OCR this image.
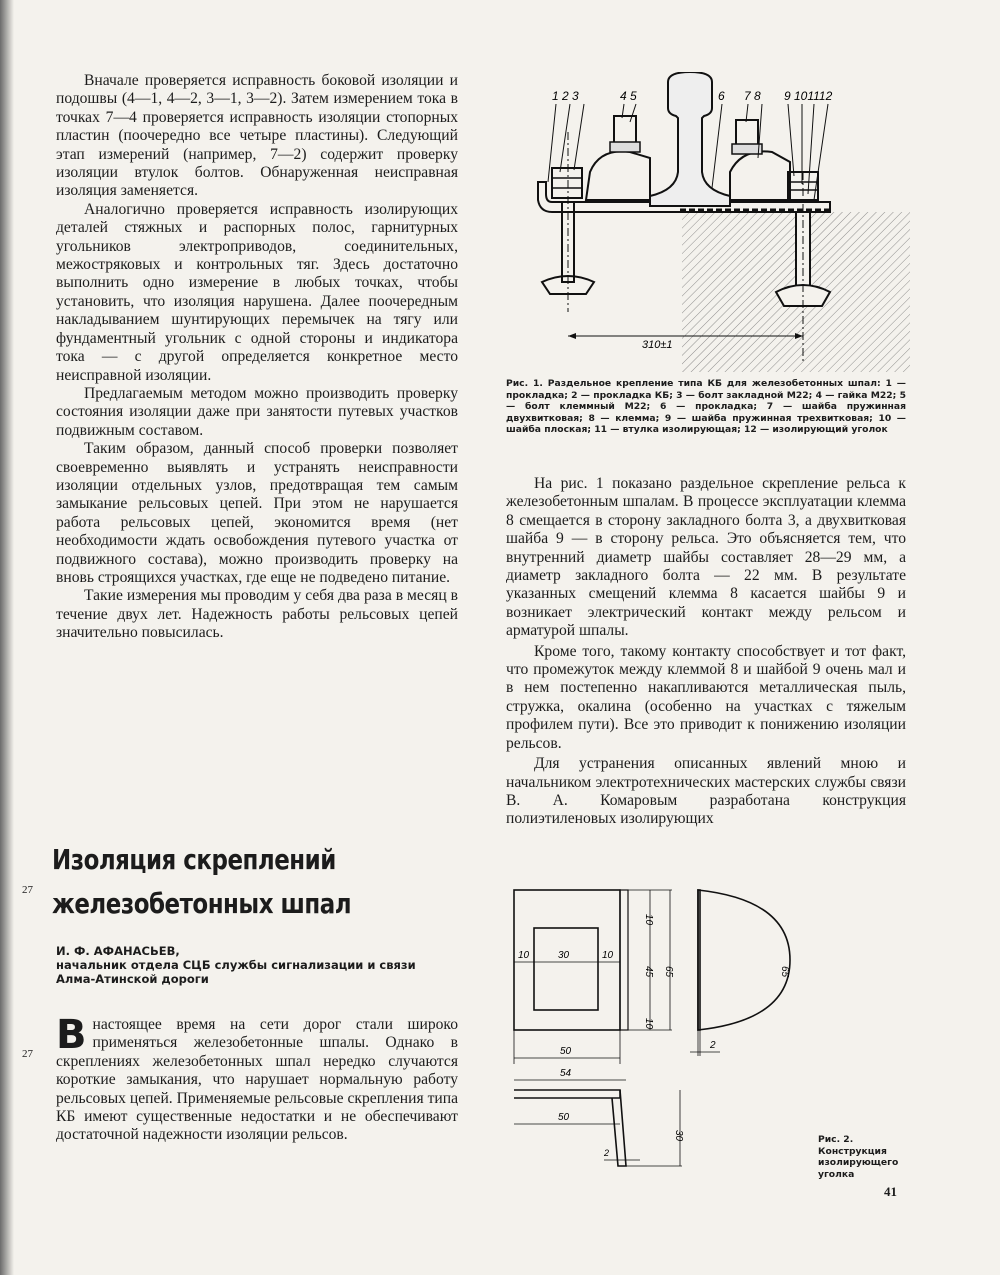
Вначале проверяется исправность боковой изоляции и подошвы (4—1, 4—2, 3—1, 3—2). Затем измерением тока в точках 7—4 проверяется исправность изоляции стопорных пластин (поочередно все четыре пластины). Следующий этап измерений (например, 7—2) содержит проверку изоляции втулок болтов. Обнаруженная неисправная изоляция заменяется.

Аналогично проверяется исправность изолирующих деталей стяжных и распорных полос, гарнитурных угольников электроприводов, соединительных, межостряковых и контрольных тяг. Здесь достаточно выполнить одно измерение в любых точках, чтобы установить, что изоляция нарушена. Далее поочередным накладыванием шунтирующих перемычек на тягу или фундаментный угольник с одной стороны и индикатора тока — с другой определяется конкретное место неисправной изоляции.

Предлагаемым методом можно производить проверку состояния изоляции даже при занятости путевых участков подвижным составом.

Таким образом, данный способ проверки позволяет своевременно выявлять и устранять неисправности изоляции отдельных узлов, предотвращая тем самым замыкание рельсовых цепей. При этом не нарушается работа рельсовых цепей, экономится время (нет необходимости ждать освобождения путевого участка от подвижного состава), можно производить проверку на вновь строящихся участках, где еще не подведено питание.

Такие измерения мы проводим у себя два раза в месяц в течение двух лет. Надежность работы рельсовых цепей значительно повысилась.

Изоляция скреплений
железобетонных шпал
И. Ф. АФАНАСЬЕВ,
начальник отдела СЦБ службы сигнализации и связи Алма-Атинской дороги
В настоящее время на сети дорог стали широко применяться железобетонные шпалы. Однако в скреплениях железобетонных шпал нередко случаются короткие замыкания, что нарушает нормальную работу рельсовых цепей. Применяемые рельсовые скрепления типа КБ имеют существенные недостатки и не обеспечивают достаточной надежности изоляции рельсов.
27
27
1 2 3	4 5	6 7 8 9 101112
310±1
Рис. 1. Раздельное крепление типа КБ для железобетонных шпал: 1 — прокладка; 2 — прокладка КБ; 3 — болт закладной М22; 4 — гайка М22; 5 — болт клеммный М22; 6 — прокладка; 7 — шайба пружинная двухвитковая; 8 — клемма; 9 — шайба пружинная трехвитковая; 10 — шайба плоская; 11 — втулка изолирующая; 12 — изолирующий уголок

На рис. 1 показано раздельное скрепление рельса к железобетонным шпалам. В процессе эксплуатации клемма 8 смещается в сторону закладного болта 3, а двухвитковая шайба 9 — в сторону рельса. Это объясняется тем, что внутренний диаметр шайбы составляет 28—29 мм, а диаметр закладного болта — 22 мм. В результате указанных смещений клемма 8 касается шайбы 9 и возникает электрический контакт между рельсом и арматурой шпалы.

Кроме того, такому контакту способствует и тот факт, что промежуток между клеммой 8 и шайбой 9 очень мал и в нем постепенно накапливаются металлическая пыль, стружка, окалина (особенно на участках с тяжелым профилем пути). Все это приводит к понижению изоляции рельсов.

Для устранения описанных явлений мною и начальником электротехнических мастерских службы связи В. А. Комаровым разработана конструкция полиэтиленовых изолирующих

10	30	10
10
45 65
10
50
2
65
54
50
30
2
Рис. 2. Конструкция изолирующего уголка
41
